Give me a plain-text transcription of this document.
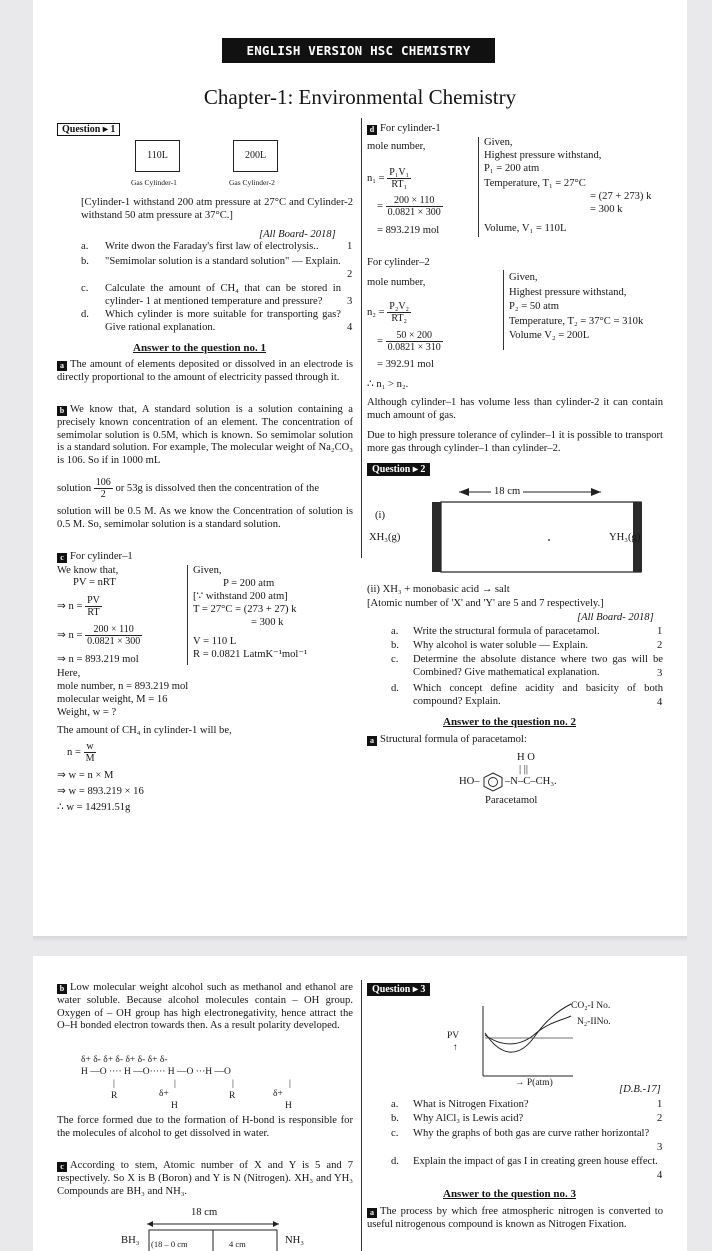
ENGLISH VERSION HSC CHEMISTRY
Chapter-1: Environmental Chemistry
Question ▸ 1
110L	200L
Gas Cylinder-1	Gas Cylinder-2
[Cylinder-1 withstand 200 atm pressure at 27°C and Cylinder-2 withstand 50 atm pressure at 37°C.]
[All Board- 2018]
a. Write dwon the Faraday's first law of electrolysis..	1
b. "Semimolar solution is a standard solution" — Explain.
2
c. Calculate the amount of CH₄ that can be stored in cylinder- 1 at mentioned temperature and pressure?	3
d. Which cylinder is more suitable for transporting gas? Give rational explanation.	4
Answer to the question no. 1
a The amount of elements deposited or dissolved in an electrode is directly proportional to the amount of electricity passed through it.
b We know that, A standard solution is a solution containing a precisely known concentration of an element. The concentration of semimolar solution is 0.5M, which is known. So semimolar solution is a standard solution. For example, The molecular weight of Na₂CO₃ is 106. So if in 1000 mL
solution $\frac{106}{2}$ or 53g is dissolved then the concentration of the
solution will be 0.5 M. As we know the Concentration of solution is 0.5 M. So, semimolar solution is a standard solution.
c For cylinder–1
We know that,
PV = nRT
⇒ $n = \frac{PV}{RT}$
⇒ $n = \frac{200 \times 110}{0.0821 \times 300}$
⇒ n = 893.219 mol
Given,
P = 200 atm
[∵ withstand 200 atm]
T = 27°C = (273 + 27) k
= 300 k
V = 110 L
R = 0.0821 LatmK⁻¹mol⁻¹
Here,
mole number, n = 893.219 mol
molecular weight, M = 16
Weight, w = ?
The amount of CH₄ in cylinder-1 will be,
$n = \frac{w}{M}$
⇒ w = n × M
⇒ w = 893.219 × 16
∴ w = 14291.51g
d For cylinder-1
mole number,
$n_1 = \frac{\text{P₁V₁}}{\text{RT₁}}$
= $\frac{200 \times 110}{0.0821 \times 300}$
= 893.219 mol
Given,
Highest pressure withstand,
P₁ = 200 atm
Temperature, T₁ = 27°C
= (27 + 273) k
= 300 k
Volume, V₁ = 110L
For cylinder–2
mole number,
$n_2 = \frac{\text{P₂V₂}}{\text{RT₂}}$
= $\frac{50 \times 200}{0.0821 \times 310}$
= 392.91 mol
Given,
Highest pressure withstand,
P₂ = 50 atm
Temperature, T₂ = 37°C = 310k
Volume V₂ = 200L
∴ n₁ > n₂.
Although cylinder–1 has volume less than cylinder-2 it can contain much amount of gas.
Due to high pressure tolerance of cylinder–1 it is possible to transport more gas through cylinder–1 than cylinder–2.
Question ▸ 2
18 cm
(i)
XH₃(g)	YH₃(g)
(ii) XH₃ + monobasic acid → salt
[Atomic number of 'X' and 'Y' are 5 and 7 respectively.]
[All Board- 2018]
a. Write the structural formula of paracetamol.	1
b. Why alcohol is water soluble — Explain.	2
c. Determine the absolute distance where two gas will be Combined? Give mathematical explanation.	3
d. Which concept define acidity and basicity of both compound? Explain.	4
Answer to the question no. 2
a Structural formula of paracetamol:
H O
| ||
HO– –N–C–CH₃.
Paracetamol
b Low molecular weight alcohol such as methanol and ethanol are water soluble. Because alcohol molecules contain – OH group. Oxygen of – OH group has high electronegativity, hence attract the O–H bonded electron towards then. As a result polarity developed.
δ+ δ- δ+ δ- δ+ δ- δ+ δ-
H —O ···· H —O····· H —O ···H —O
|	|	|	|
R	δ+	R	δ+
H	H
The force formed due to the formation of H-bond is responsible for the molecules of alcohol to get dissolved in water.
c According to stem, Atomic number of X and Y is 5 and 7 respectively. So X is B (Boron) and Y is N (Nitrogen). XH₃ and YH₃ Compounds are BH₃ and NH₃.
18 cm
BH₃	NH₃
(18 – 0 cm	4 cm
Question ▸ 3
CO₂-I No.
N₂-IINo.
PV
↑
→ P(atm)
[D.B.-17]
a. What is Nitrogen Fixation?	1
b. Why AlCl₃ is Lewis acid?	2
c. Why the graphs of both gas are curve rather horizontal?
3
d. Explain the impact of gas I in creating green house effect.
4
Answer to the question no. 3
a The process by which free atmospheric nitrogen is converted to useful nitrogenous compound is known as Nitrogen Fixation.
